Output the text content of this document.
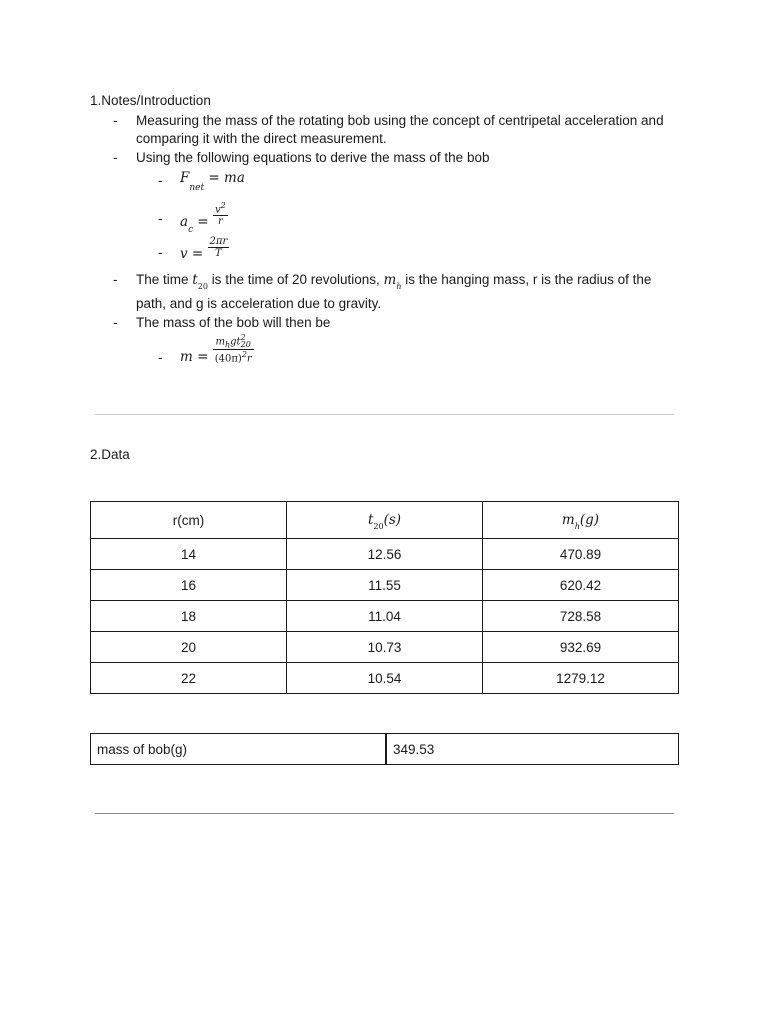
1.Notes/Introduction
- Measuring the mass of the rotating bob using the concept of centripetal acceleration and
comparing it with the direct measurement.
- Using the following equations to derive the mass of the bob
- $F_{net}$ = ma
- $a_c = \frac{v^2}{r}$
- $v = \frac{2\pi r}{T}$
- The time $t_{20}$ is the time of 20 revolutions, $m_h$ is the hanging mass, r is the radius of the
path, and g is acceleration due to gravity.
- The mass of the bob will then be
- $m = \frac{m_hgt^2_{20}}{(40\pi)^2r}$
2.Data
r(cm)	$t_{20}(s)$	$m_h(g)$
14	12.56	470.89
16	11.55	620.42
18	11.04	728.58
20	10.73	932.69
22	10.54	1279.12
mass of bob(g)	349.53
